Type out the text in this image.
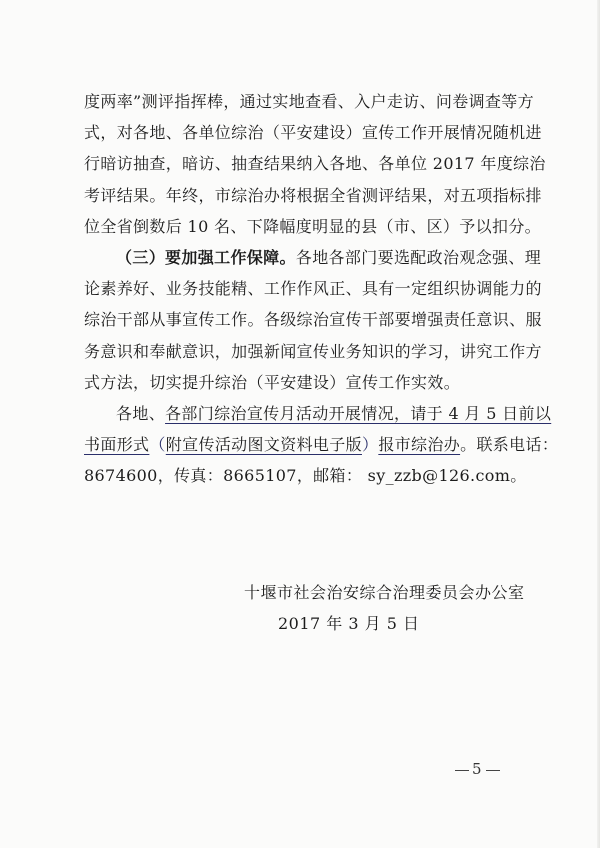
度两率”测评指挥棒，通过实地查看、入户走访、问卷调查等方
式，对各地、各单位综治（平安建设）宣传工作开展情况随机进
行暗访抽查，暗访、抽查结果纳入各地、各单位 2017 年度综治
考评结果。年终，市综治办将根据全省测评结果，对五项指标排
位全省倒数后 10 名、下降幅度明显的县（市、区）予以扣分。
（三）要加强工作保障。各地各部门要选配政治观念强、理
论素养好、业务技能精、工作作风正、具有一定组织协调能力的
综治干部从事宣传工作。各级综治宣传干部要增强责任意识、服
务意识和奉献意识，加强新闻宣传业务知识的学习，讲究工作方
式方法，切实提升综治（平安建设）宣传工作实效。
各地、各部门综治宣传月活动开展情况，请于 4 月 5 日前以
书面形式（附宣传活动图文资料电子版）报市综治办。联系电话：
8674600，传真：8665107，邮箱： sy_zzb@126.com。
十堰市社会治安综合治理委员会办公室
2017 年 3 月 5 日
5
